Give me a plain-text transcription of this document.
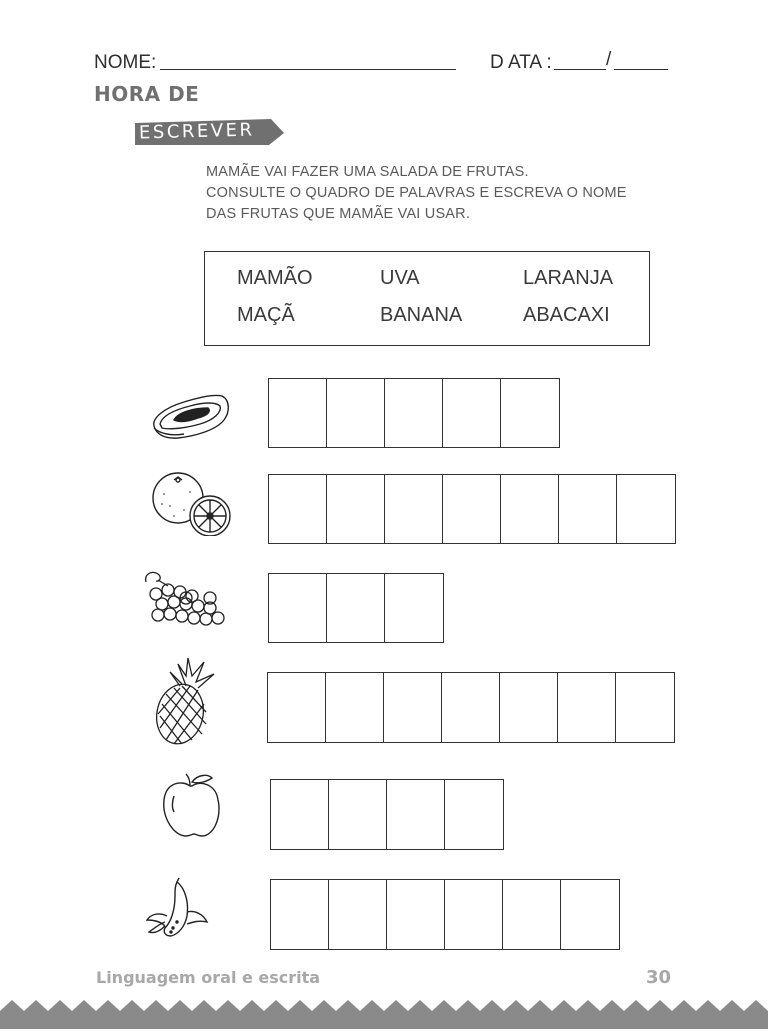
NOME:	D ATA :	/
HORA DE
ESCREVER
MAMÃE VAI FAZER UMA SALADA DE FRUTAS.
CONSULTE O QUADRO DE PALAVRAS E ESCREVA O NOME
DAS FRUTAS QUE MAMÃE VAI USAR.
MAMÃO	UVA	LARANJA
MAÇÃ	BANANA	ABACAXI
Linguagem oral e escrita	30
